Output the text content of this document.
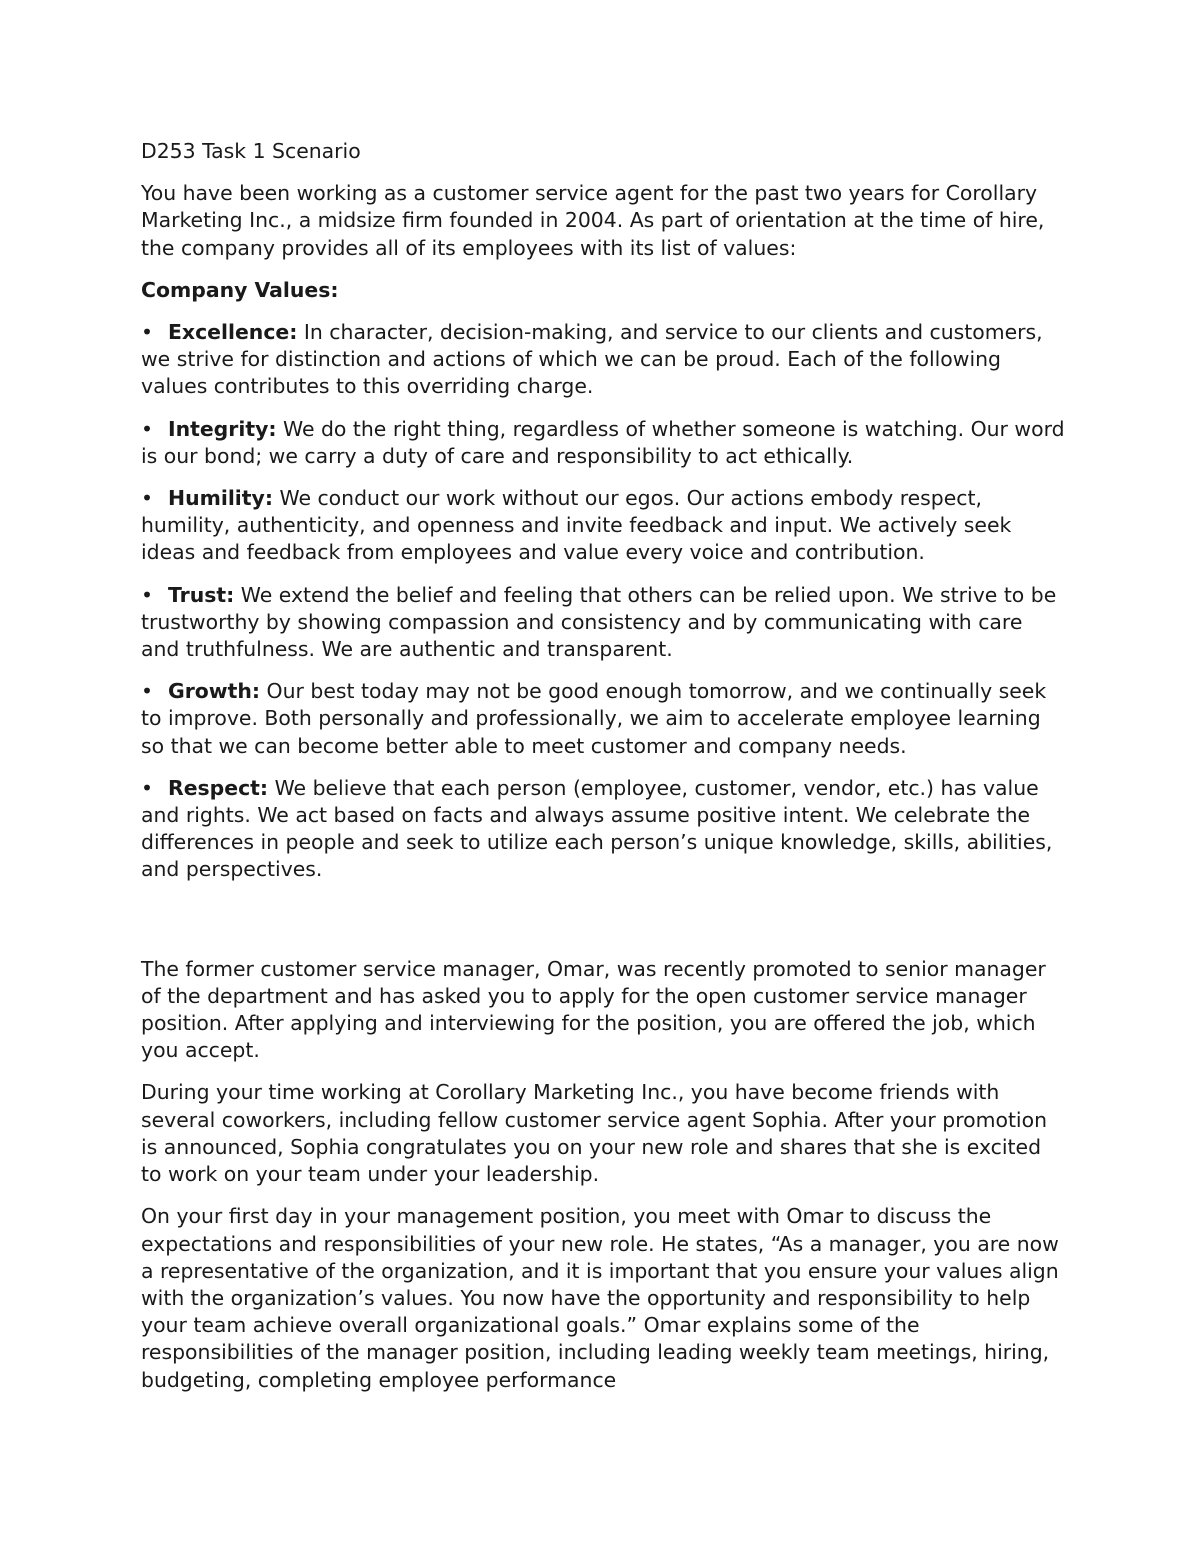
D253 Task 1 Scenario

You have been working as a customer service agent for the past two years for Corollary Marketing Inc., a midsize firm founded in 2004. As part of orientation at the time of hire, the company provides all of its employees with its list of values:

Company Values:
• Excellence: In character, decision-making, and service to our clients and customers, we strive for distinction and actions of which we can be proud. Each of the following values contributes to this overriding charge.
• Integrity: We do the right thing, regardless of whether someone is watching. Our word is our bond; we carry a duty of care and responsibility to act ethically.
• Humility: We conduct our work without our egos. Our actions embody respect, humility, authenticity, and openness and invite feedback and input. We actively seek ideas and feedback from employees and value every voice and contribution.
• Trust: We extend the belief and feeling that others can be relied upon. We strive to be trustworthy by showing compassion and consistency and by communicating with care and truthfulness. We are authentic and transparent.
• Growth: Our best today may not be good enough tomorrow, and we continually seek to improve. Both personally and professionally, we aim to accelerate employee learning so that we can become better able to meet customer and company needs.
• Respect: We believe that each person (employee, customer, vendor, etc.) has value and rights. We act based on facts and always assume positive intent. We celebrate the differences in people and seek to utilize each person’s unique knowledge, skills, abilities, and perspectives.

The former customer service manager, Omar, was recently promoted to senior manager of the department and has asked you to apply for the open customer service manager position. After applying and interviewing for the position, you are offered the job, which you accept.

During your time working at Corollary Marketing Inc., you have become friends with several coworkers, including fellow customer service agent Sophia. After your promotion is announced, Sophia congratulates you on your new role and shares that she is excited to work on your team under your leadership.

On your first day in your management position, you meet with Omar to discuss the expectations and responsibilities of your new role. He states, “As a manager, you are now a representative of the organization, and it is important that you ensure your values align with the organization’s values. You now have the opportunity and responsibility to help your team achieve overall organizational goals.” Omar explains some of the responsibilities of the manager position, including leading weekly team meetings, hiring, budgeting, completing employee performance
